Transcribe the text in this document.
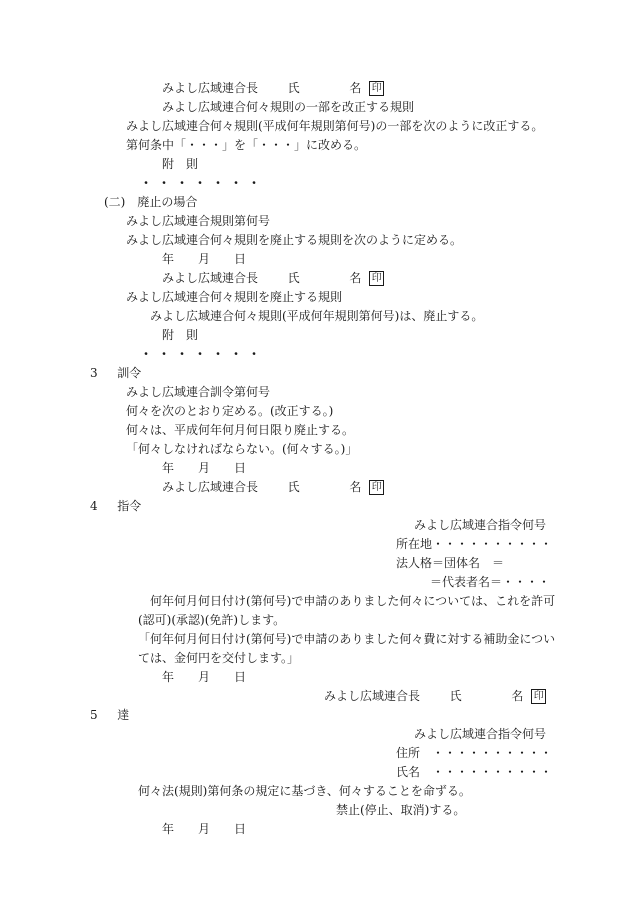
みよし広域連合長 氏	名 印
みよし広域連合何々規則の一部を改正する規則
みよし広域連合何々規則(平成何年規則第何号)の一部を次のように改正する。
第何条中「・・・」を「・・・」に改める。
附　則
・・・・・・・
(二)　廃止の場合
みよし広域連合規則第何号
みよし広域連合何々規則を廃止する規則を次のように定める。
年　　月　　日
みよし広域連合長 氏	名 印
みよし広域連合何々規則を廃止する規則
みよし広域連合何々規則(平成何年規則第何号)は、廃止する。
附　則
・・・・・・・
3 訓令
みよし広域連合訓令第何号
何々を次のとおり定める。(改正する。)
何々は、平成何年何月何日限り廃止する。
「何々しなければならない。(何々する。)」
年　　月　　日
みよし広域連合長 氏	名 印
4 指令
みよし広域連合指令何号
所在地・・・・・・・・・・
法人格＝団体名　＝
＝代表者名＝・・・・
何年何月何日付け(第何号)で申請のありました何々については、これを許可
(認可)(承認)(免許)します。
「何年何月何日付け(第何号)で申請のありました何々費に対する補助金につい
ては、金何円を交付します。」
年　　月　　日
みよし広域連合長 氏	名 印
5 達
みよし広域連合指令何号
住所　・・・・・・・・・・
氏名　・・・・・・・・・・
何々法(規則)第何条の規定に基づき、何々することを命ずる。
禁止(停止、取消)する。
年　　月　　日
